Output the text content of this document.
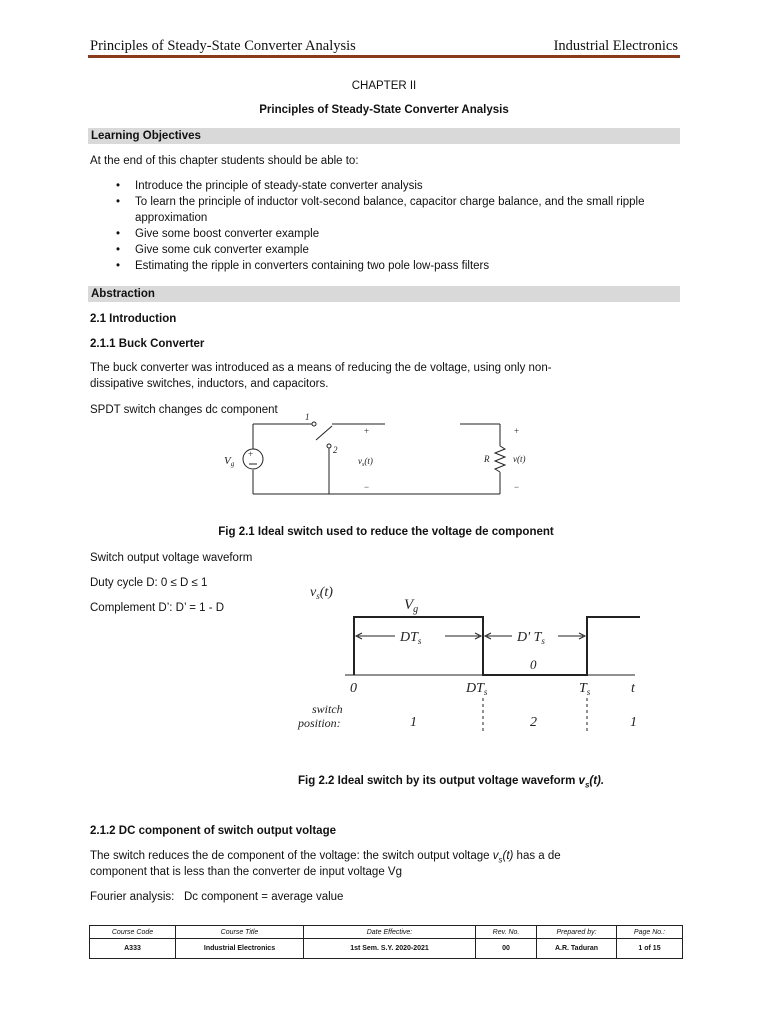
Principles of Steady-State Converter Analysis	Industrial Electronics
CHAPTER II
Principles of Steady-State Converter Analysis
Learning Objectives
At the end of this chapter students should be able to:
• Introduce the principle of steady-state converter analysis
• To learn the principle of inductor volt-second balance, capacitor charge balance, and the small ripple approximation
• Give some boost converter example
• Give some cuk converter example
• Estimating the ripple in converters containing two pole low-pass filters
Abstraction
2.1 Introduction
2.1.1 Buck Converter
The buck converter was introduced as a means of reducing the de voltage, using only non-
dissipative switches, inductors, and capacitors.
SPDT switch changes dc component
+
Vg
1
2
+
$v_s(t)$
−
+
R	v(t)
−
Fig 2.1 Ideal switch used to reduce the voltage de component
Switch output voltage waveform
Duty cycle D: 0 ≤ D ≤ 1
Complement D’: D’ = 1 - D
$v_s(t)$
$V_g$
$DT_s$	D' $T_s$
0
0	$DT_s$	$T_s$	t
switch
position:	1	2	1
Fig 2.2 Ideal switch by its output voltage waveform $v_s(t)$.
2.1.2 DC component of switch output voltage
The switch reduces the de component of the voltage: the switch output voltage $v_s(t)$ has a de
component that is less than the converter de input voltage Vg
Fourier analysis:   Dc component = average value
Course Code	Course Title	Date Effective:	Rev. No.	Prepared by:	Page No.:
A333	Industrial Electronics	1st Sem. S.Y. 2020-2021	00	A.R. Taduran	1 of 15
